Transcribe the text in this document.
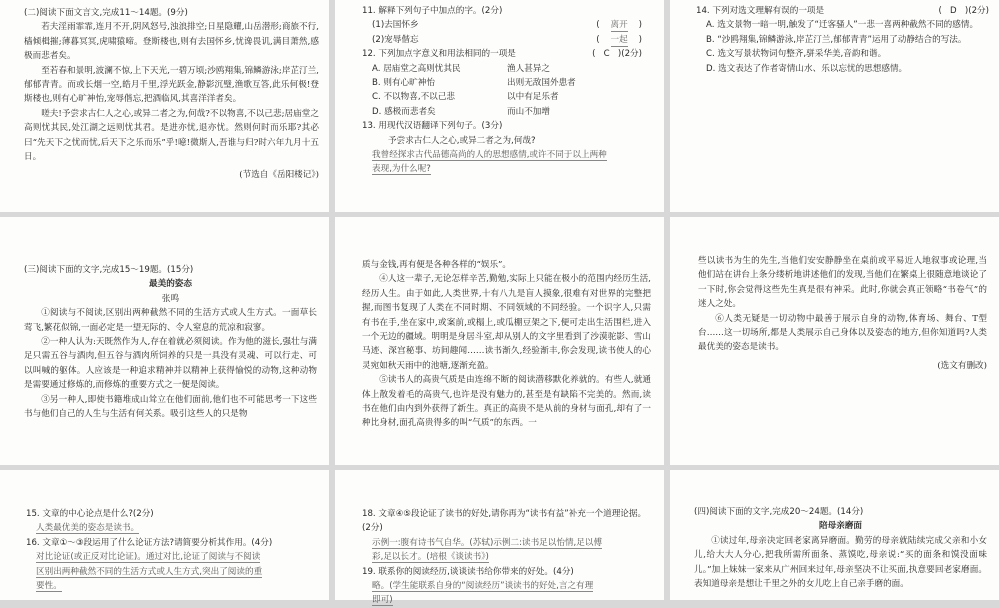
(二)阅读下面文言文,完成11～14题。(9分)

若夫淫雨霏霏,连月不开,阴风怒号,浊浪排空;日星隐耀,山岳潜形;商旅不行,樯倾楫摧;薄暮冥冥,虎啸猿啼。登斯楼也,则有去国怀乡,忧谗畏讥,满目萧然,感极而悲者矣。

至若春和景明,波澜不惊,上下天光,一碧万顷;沙鸥翔集,锦鳞游泳;岸芷汀兰,郁郁青青。而或长烟一空,皓月千里,浮光跃金,静影沉璧,渔歌互答,此乐何极!登斯楼也,则有心旷神怡,宠辱偕忘,把酒临风,其喜洋洋者矣。

嗟夫!予尝求古仁人之心,或异二者之为,何哉?不以物喜,不以己悲;居庙堂之高则忧其民,处江湖之远则忧其君。是进亦忧,退亦忧。然则何时而乐耶?其必曰“先天下之忧而忧,后天下之乐而乐”乎!噫!微斯人,吾谁与归?时六年九月十五日。

(节选自《岳阳楼记》)

11. 解释下列句子中加点的字。(2分)

(1)去国怀乡	(    离开    )
(2)宠辱偕忘	(    一起    )
12. 下列加点字意义和用法相同的一项是	(   C   )(2分)
A. 居庙堂之高则忧其民	渔人甚异之
B. 则有心旷神怡	出则无敌国外患者
C. 不以物喜,不以己悲	以中有足乐者
D. 感极而悲者矣	而山不加增

13. 用现代汉语翻译下列句子。(3分)

予尝求古仁人之心,或异二者之为,何哉?

我曾经探求古代品德高尚的人的思想感情,或许不同于以上两种
表现,为什么呢?

14. 下列对选文理解有误的一项是	(   D   )(2分)

A. 选文景物一暗一明,触发了“迁客骚人”一悲一喜两种截然不同的感情。

B. “沙鸥翔集,锦鳞游泳,岸芷汀兰,郁郁青青”运用了动静结合的写法。

C. 选文写景状物词句整齐,骈采华美,音韵和谐。

D. 选文表达了作者寄情山水、乐以忘忧的思想感情。

(三)阅读下面的文字,完成15～19题。(15分)

最美的姿态

张鸣

①阅读与不阅读,区别出两种截然不同的生活方式或人生方式。一面草长莺飞,繁花似锦,一面必定是一望无际的、令人窒息的荒凉和寂寥。

②一种人认为:天既然作为人,存在着就必须阅读。作为他的滋长,强壮与满足只需五谷与酒肉,但五谷与酒肉所饲养的只是一具没有灵魂、可以行走、可以叫喊的躯体。人应该是一种追求精神并以精神上获得愉悦的动物,这种动物是需要通过修炼的,而修炼的重要方式之一便是阅读。

③另一种人,即使书籍堆成山耸立在他们面前,他们也不可能思考一下这些书与他们自己的人生与生活有何关系。吸引这些人的只是物

质与金钱,再有便是各种各样的“娱乐”。

④人这一辈子,无论怎样辛苦,勤勉,实际上只能在极小的范围内经历生活,经历人生。由于如此,人类世界,十有八九是盲人摸象,很难有对世界的完整把握,而图书复现了人类在不同时期、不同领域的不同经验。一个识字人,只需有书在手,坐在家中,或案前,或榻上,或瓜棚豆架之下,便可走出生活围栏,进入一个无边的疆域。明明是身居斗室,却从别人的文字里看到了沙漠驼影、雪山马迹、深宫秘事、坊间趣闻……读书渐久,经验渐丰,你会发现,读书使人的心灵宛如秋天雨中的池塘,逐渐充盈。

⑤读书人的高贵气质是由连绵不断的阅读潜移默化养就的。有些人,就通体上散发着毛的高贵气,也许是没有魅力的,甚至是有缺陷不完美的。然而,读书在他们由内到外获得了新生。真正的高贵不是从前的身材与面孔,却有了一种比身材,面孔高贵得多的叫“气质”的东西。一

些以读书为生的先生,当他们安安静静坐在桌前或平易近人地叙事或论理,当他们站在讲台上条分缕析地讲述他们的发现,当他们在繁桌上很随意地谈论了一下时,你会觉得这些先生真是很有神采。此时,你就会真正领略“书卷气”的迷人之处。

⑥人类无疑是一切动物中最善于展示自身的动物,体育场、舞台、T型台……这一切场所,都是人类展示自己身体以及姿态的地方,但你知道吗?人类最优美的姿态是读书。

(选文有删改)

15. 文章的中心论点是什么?(2分)

人类最优美的姿态是读书。

16. 文章①～③段运用了什么论证方法?请简要分析其作用。(4分)

对比论证(或正反对比论证)。通过对比,论证了阅读与不阅读
区别出两种截然不同的生活方式或人生方式,突出了阅读的重
要性。

18. 文章④⑤段论证了读书的好处,请你再为“读书有益”补充一个道理论据。(2分)

示例一:腹有诗书气自华。(苏轼)示例二:读书足以怡情,足以傅
彩,足以长才。(培根《谈读书》)

19. 联系你的阅读经历,谈谈读书给你带来的好处。(4分)

略。(学生能联系自身的“阅读经历”谈读书的好处,言之有理
即可)

(四)阅读下面的文字,完成20～24题。(14分)

陪母亲磨面

①读过年,母亲决定回老家离异磨面。勤劳的母亲就陆续完成父亲和小女儿,给大大人分心,把我所需所面条、蒸馍吃,母亲说:“买的面条和馍没面味儿。”加上妹妹一家来从广州回来过年,母亲坚决不让买面,执意要回老家磨面。表知道母亲是想让千里之外的女儿吃上自己亲手磨的面。
